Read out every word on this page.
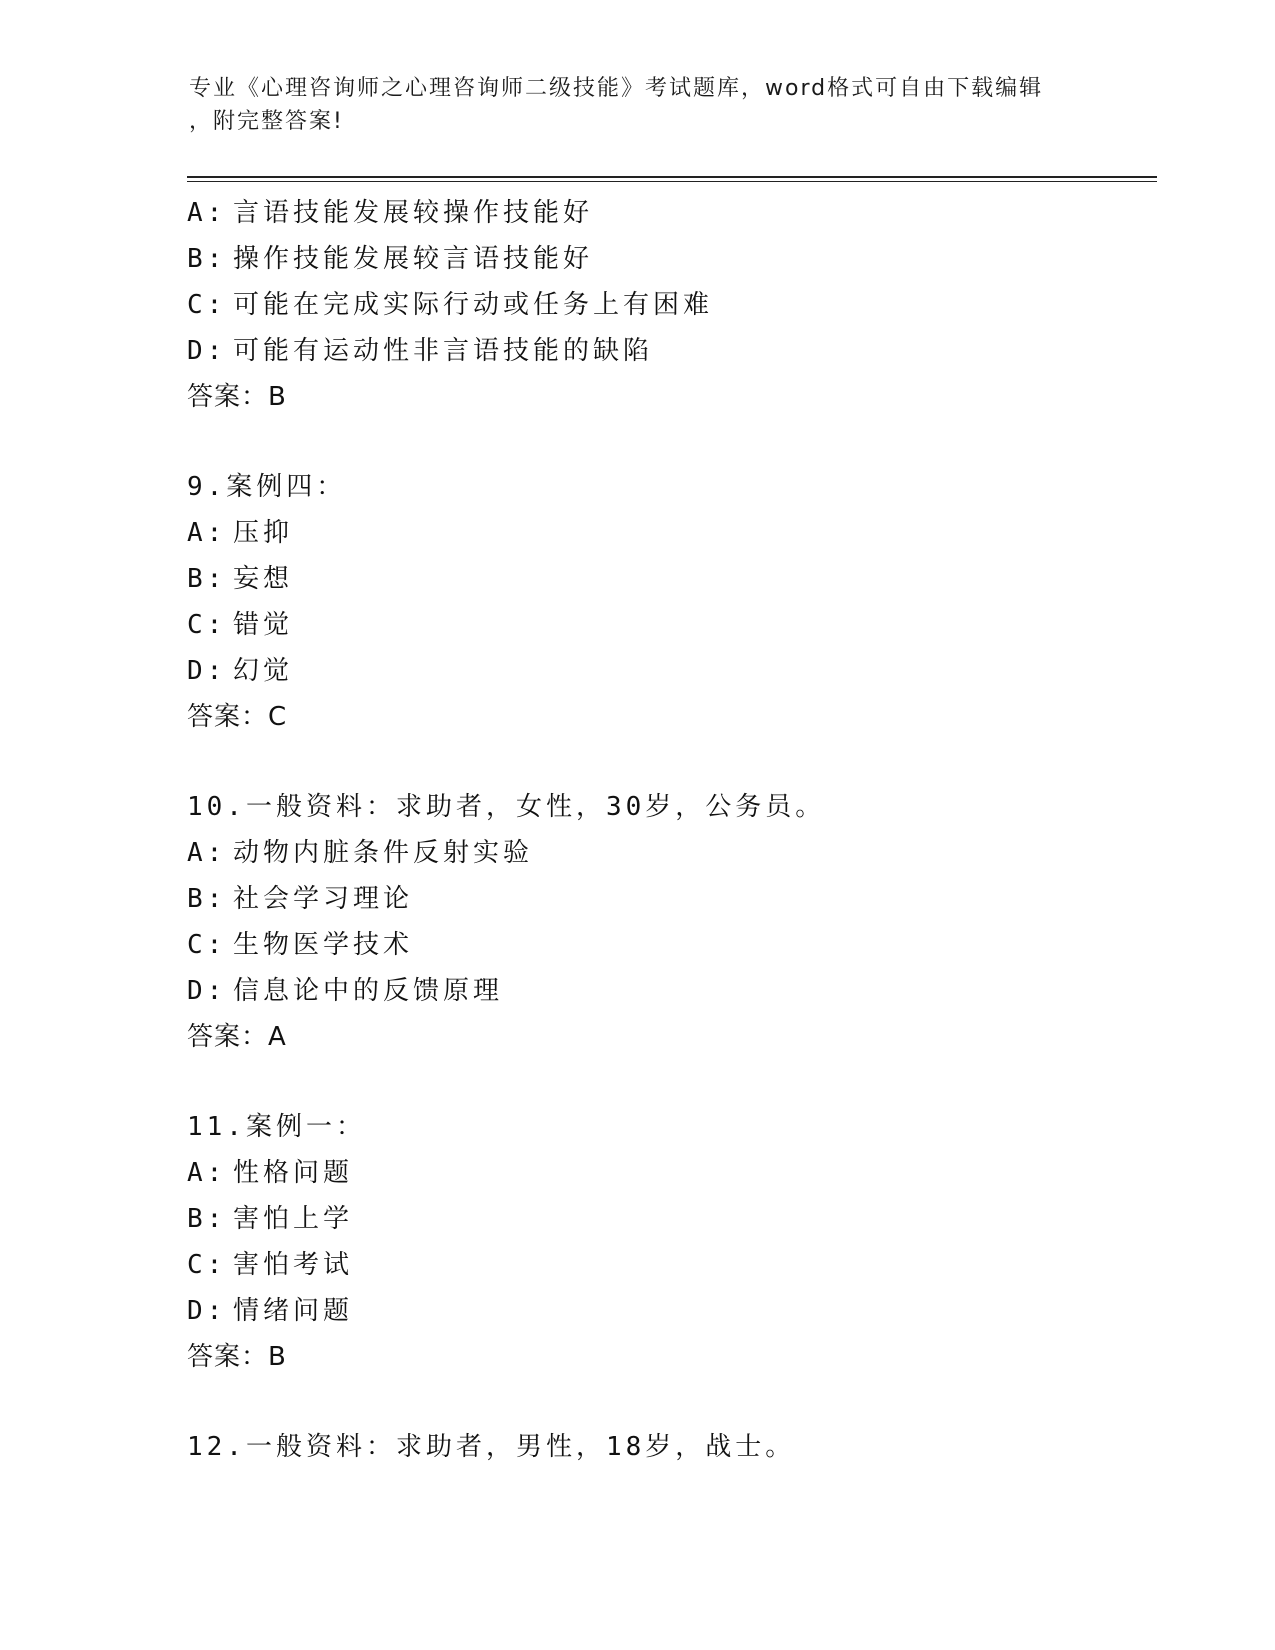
专业《心理咨询师之心理咨询师二级技能》考试题库，word格式可自由下载编辑

，附完整答案!

A: 言语技能发展较操作技能好
B: 操作技能发展较言语技能好
C: 可能在完成实际行动或任务上有困难
D: 可能有运动性非言语技能的缺陷
答案：B
9.案例四：
A: 压抑
B: 妄想
C: 错觉
D: 幻觉
答案：C
10.一般资料：求助者，女性，30岁，公务员。
A: 动物内脏条件反射实验
B: 社会学习理论
C: 生物医学技术
D: 信息论中的反馈原理
答案：A
11.案例一：
A: 性格问题
B: 害怕上学
C: 害怕考试
D: 情绪问题
答案：B
12.一般资料：求助者，男性，18岁，战士。
